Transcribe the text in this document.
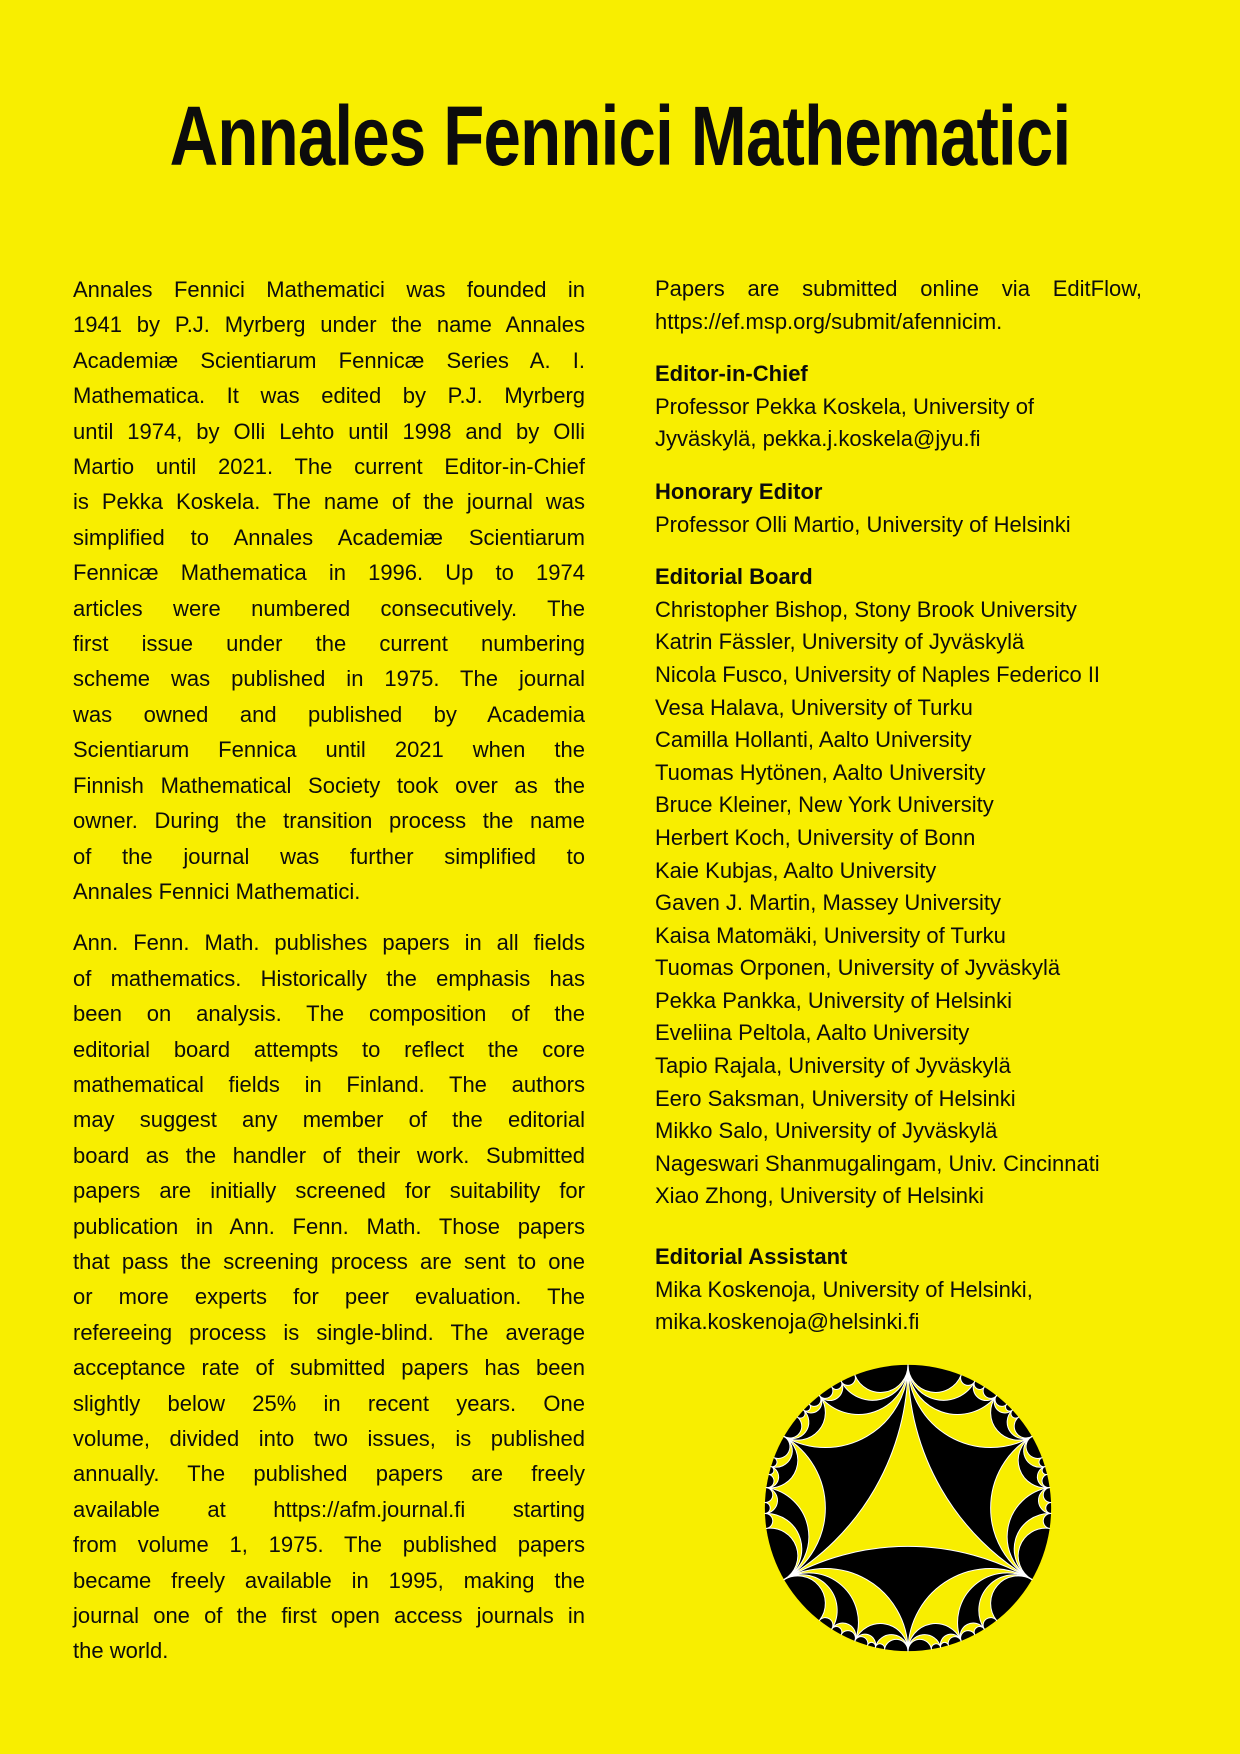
Annales Fennici Mathematici
Annales Fennici Mathematici was founded in
1941 by P.J. Myrberg under the name Annales
Academiæ Scientiarum Fennicæ Series A. I.
Mathematica. It was edited by P.J. Myrberg
until 1974, by Olli Lehto until 1998 and by Olli
Martio until 2021. The current Editor-in-Chief
is Pekka Koskela. The name of the journal was
simplified to Annales Academiæ Scientiarum
Fennicæ Mathematica in 1996. Up to 1974
articles were numbered consecutively. The
first issue under the current numbering
scheme was published in 1975. The journal
was owned and published by Academia
Scientiarum Fennica until 2021 when the
Finnish Mathematical Society took over as the
owner. During the transition process the name
of the journal was further simplified to
Annales Fennici Mathematici.
Ann. Fenn. Math. publishes papers in all fields
of mathematics. Historically the emphasis has
been on analysis. The composition of the
editorial board attempts to reflect the core
mathematical fields in Finland. The authors
may suggest any member of the editorial
board as the handler of their work. Submitted
papers are initially screened for suitability for
publication in Ann. Fenn. Math. Those papers
that pass the screening process are sent to one
or more experts for peer evaluation. The
refereeing process is single-blind. The average
acceptance rate of submitted papers has been
slightly below 25% in recent years. One
volume, divided into two issues, is published
annually. The published papers are freely
available at https://afm.journal.fi starting
from volume 1, 1975. The published papers
became freely available in 1995, making the
journal one of the first open access journals in
the world.
Papers are submitted online via EditFlow,
https://ef.msp.org/submit/afennicim.
Editor-in-Chief
Professor Pekka Koskela, University of
Jyväskylä, pekka.j.koskela@jyu.fi
Honorary Editor
Professor Olli Martio, University of Helsinki
Editorial Board
Christopher Bishop, Stony Brook University
Katrin Fässler, University of Jyväskylä
Nicola Fusco, University of Naples Federico II
Vesa Halava, University of Turku
Camilla Hollanti, Aalto University
Tuomas Hytönen, Aalto University
Bruce Kleiner, New York University
Herbert Koch, University of Bonn
Kaie Kubjas, Aalto University
Gaven J. Martin, Massey University
Kaisa Matomäki, University of Turku
Tuomas Orponen, University of Jyväskylä
Pekka Pankka, University of Helsinki
Eveliina Peltola, Aalto University
Tapio Rajala, University of Jyväskylä
Eero Saksman, University of Helsinki
Mikko Salo, University of Jyväskylä
Nageswari Shanmugalingam, Univ. Cincinnati
Xiao Zhong, University of Helsinki
Editorial Assistant
Mika Koskenoja, University of Helsinki,
mika.koskenoja@helsinki.fi
